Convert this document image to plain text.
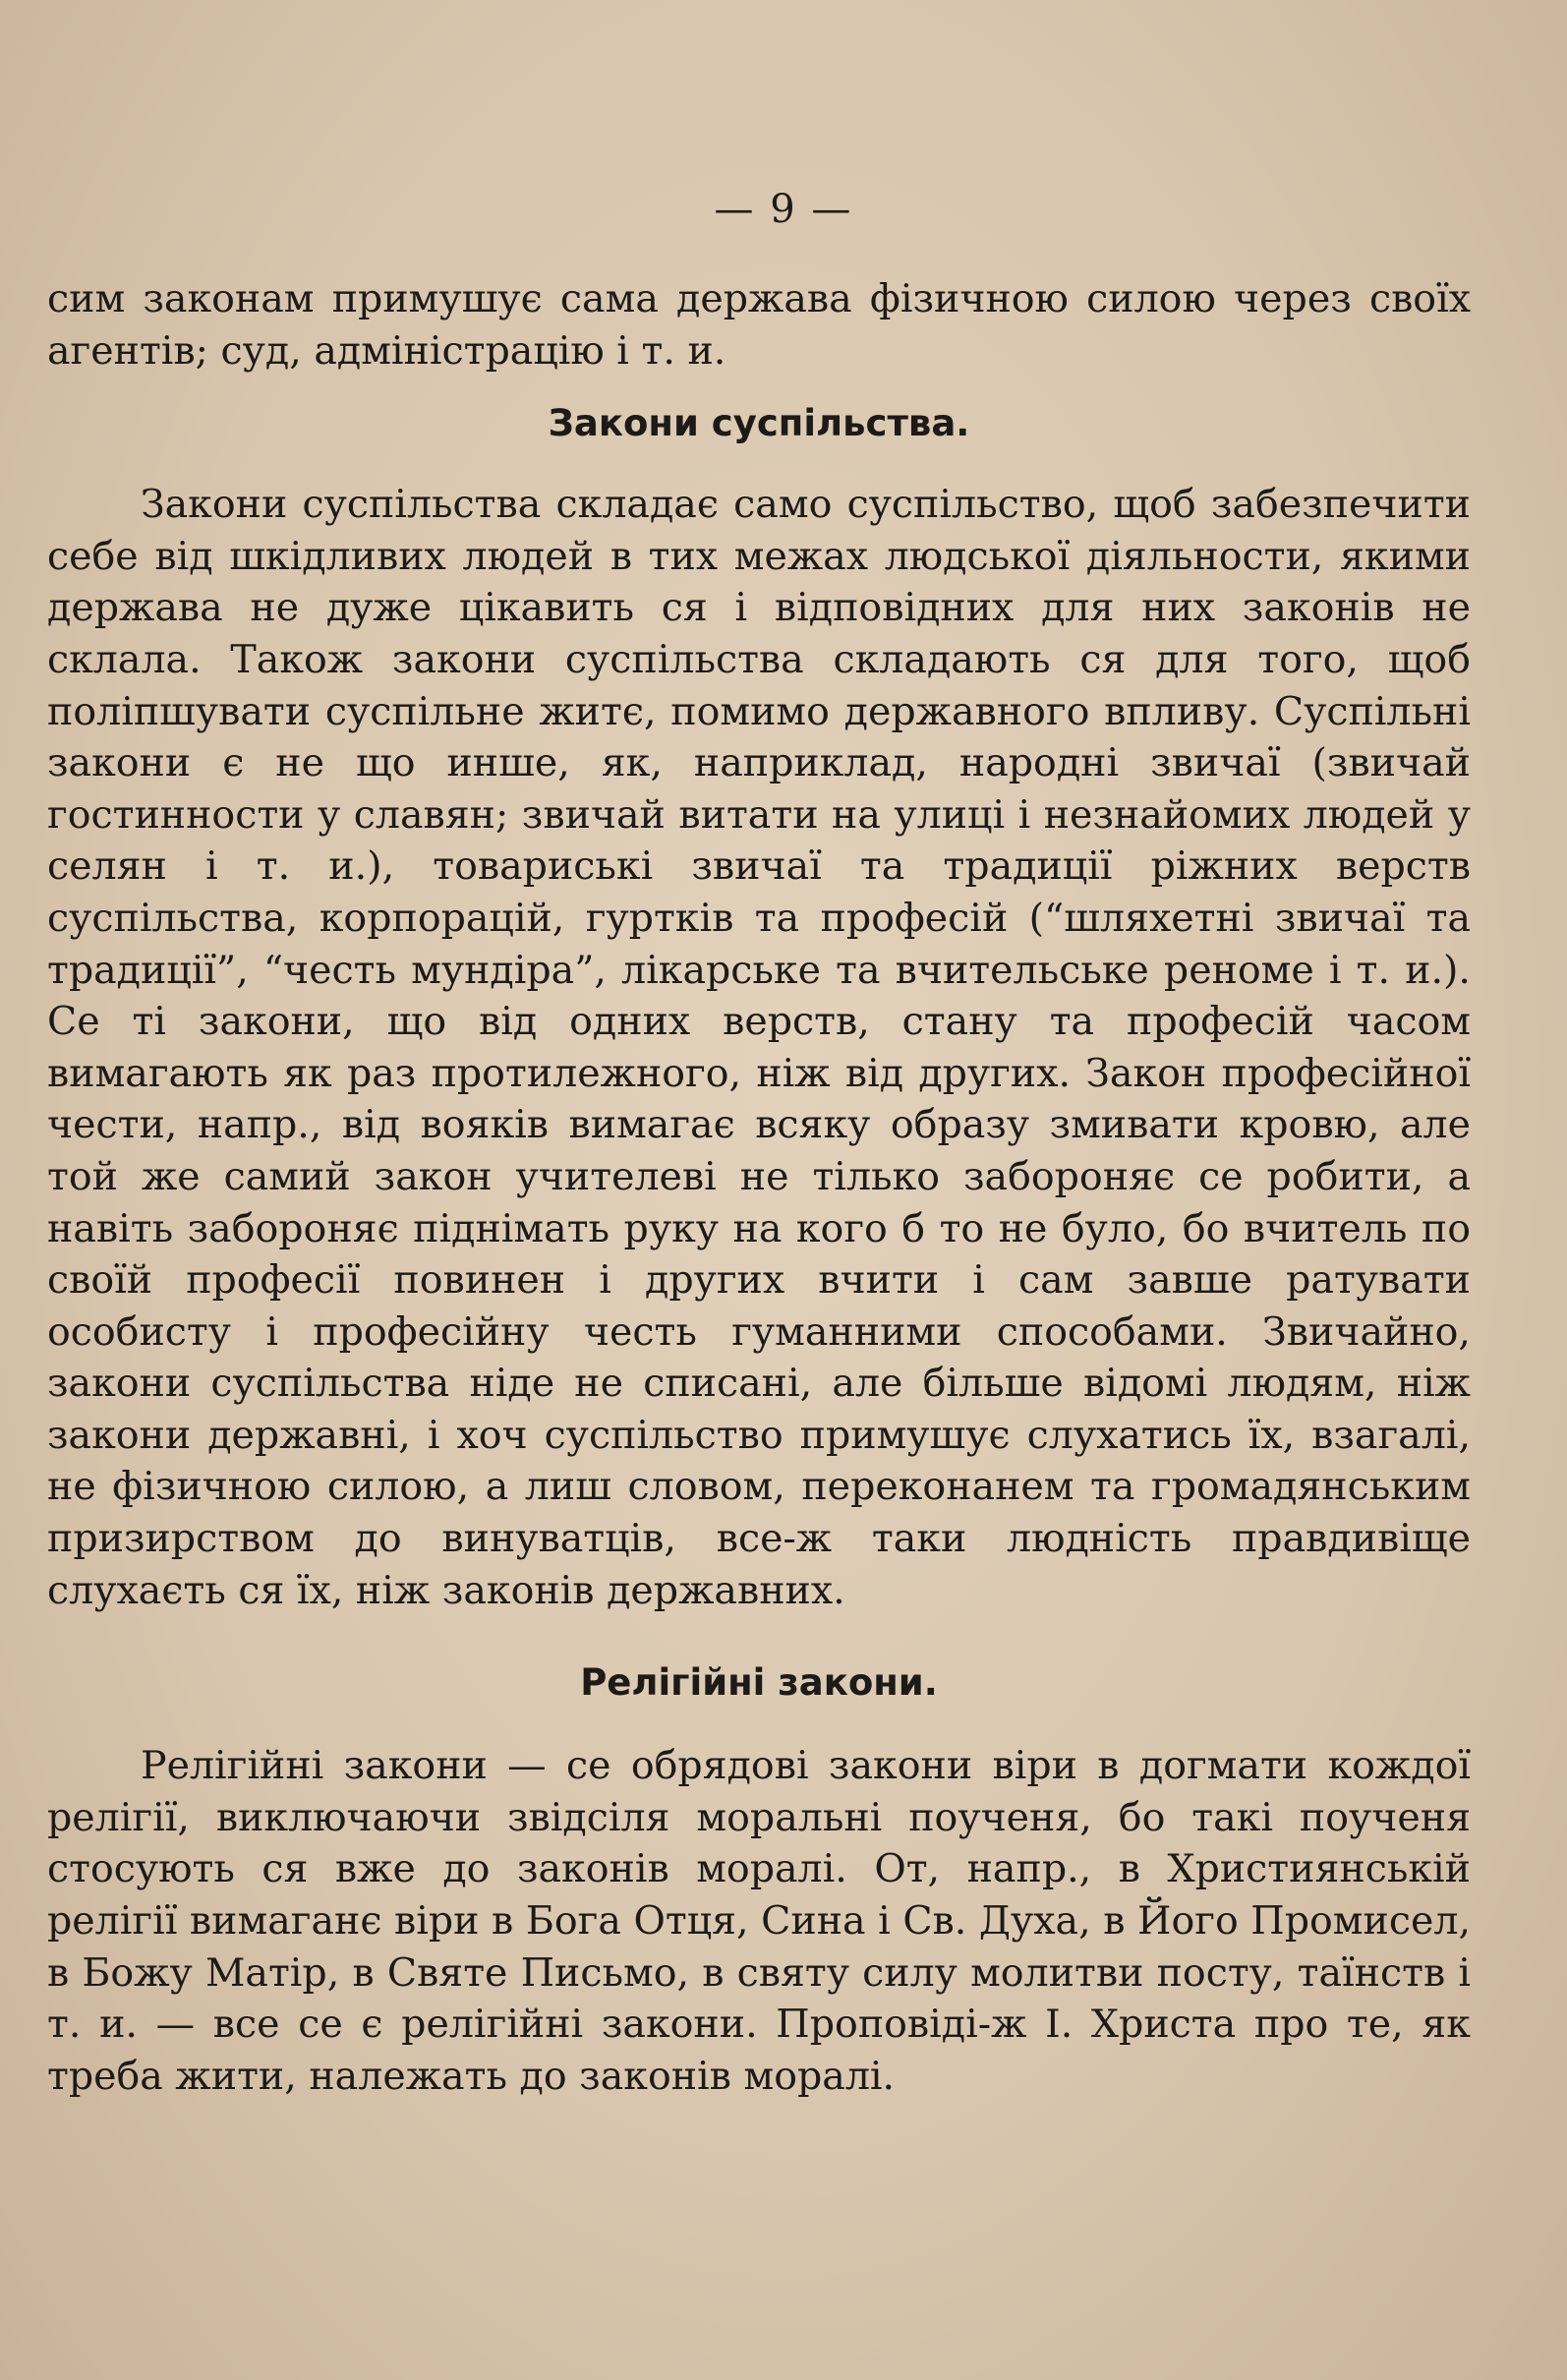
— 9 —

сим законам примушує сама держава фізичною силою через своїх агентів; суд, адміністрацію і т. и.

Закони суспільства.

Закони суспільства складає само суспільство, щоб забезпечити себе від шкідливих людей в тих межах людської діяльности, якими держава не дуже цікавить ся і відповідних для них законів не склала. Також закони суспільства складають ся для того, щоб поліпшувати суспільне житє, помимо державного впливу. Суспільні закони є не що инше, як, наприклад, народні звичаї (звичай гостинности у славян; звичай витати на улиці і незнайомих людей у селян і т. и.), товариські звичаї та традиції ріжних верств суспільства, корпорацій, гуртків та професій (“шляхетні звичаї та традиції”, “честь мундіра”, лікарське та вчительське реноме і т. и.). Се ті закони, що від одних верств, стану та професій часом вимагають як раз протилежного, ніж від других. Закон професійної чести, напр., від вояків вимагає всяку образу змивати кровю, але той же самий закон учителеві не тілько забороняє се робити, а навіть забороняє піднімать руку на кого б то не було, бо вчитель по своїй професії повинен і других вчити і сам завше ратувати особисту і професійну честь гуманними способами. Звичайно, закони суспільства ніде не списані, але більше відомі людям, ніж закони державні, і хоч суспільство примушує слухатись їх, взагалі, не фізичною силою, а лиш словом, переконанем та громадянським призирством до винуватців, все-ж таки людність правдивіще слухаєть ся їх, ніж законів державних.

Релігійні закони.

Релігійні закони — се обрядові закони віри в догмати кождої релігії, виключаючи звідсіля моральні поученя, бо такі поученя стосують ся вже до законів моралі. От, напр., в Християнській релігії вимаганє віри в Бога Отця, Сина і Св. Духа, в Його Промисел, в Божу Матір, в Святе Письмо, в святу силу молитви посту, таїнств і т. и. — все се є релігійні закони. Проповіді-ж І. Христа про те, як треба жити, належать до законів моралі.
